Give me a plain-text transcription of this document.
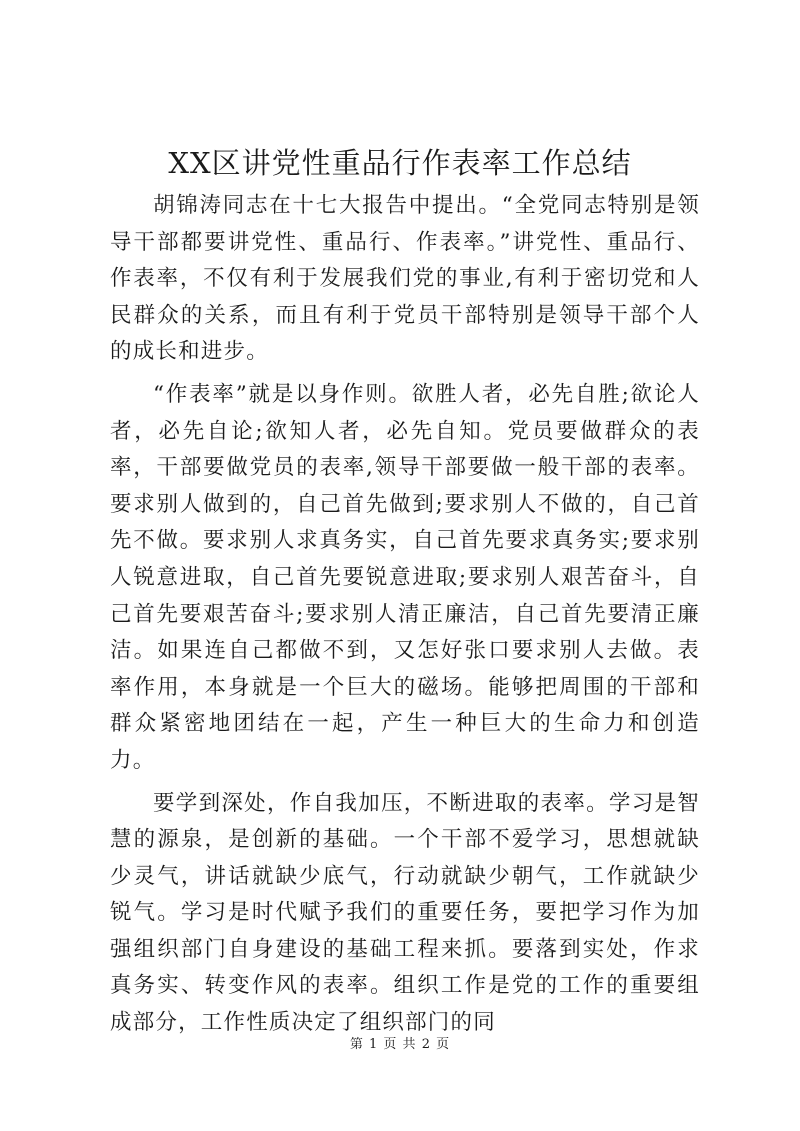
XX区讲党性重品行作表率工作总结

胡锦涛同志在十七大报告中提出。“全党同志特别是领导干部都要讲党性、重品行、作表率。”讲党性、重品行、作表率，不仅有利于发展我们党的事业,有利于密切党和人民群众的关系，而且有利于党员干部特别是领导干部个人的成长和进步。

“作表率”就是以身作则。欲胜人者，必先自胜;欲论人者，必先自论;欲知人者，必先自知。党员要做群众的表率，干部要做党员的表率,领导干部要做一般干部的表率。要求别人做到的，自己首先做到;要求别人不做的，自己首先不做。要求别人求真务实，自己首先要求真务实;要求别人锐意进取，自己首先要锐意进取;要求别人艰苦奋斗，自己首先要艰苦奋斗;要求别人清正廉洁，自己首先要清正廉洁。如果连自己都做不到，又怎好张口要求别人去做。表率作用，本身就是一个巨大的磁场。能够把周围的干部和群众紧密地团结在一起，产生一种巨大的生命力和创造力。

要学到深处，作自我加压，不断进取的表率。学习是智慧的源泉，是创新的基础。一个干部不爱学习，思想就缺少灵气，讲话就缺少底气，行动就缺少朝气，工作就缺少锐气。学习是时代赋予我们的重要任务，要把学习作为加强组织部门自身建设的基础工程来抓。要落到实处，作求真务实、转变作风的表率。组织工作是党的工作的重要组成部分，工作性质决定了组织部门的同

第 1 页 共 2 页
